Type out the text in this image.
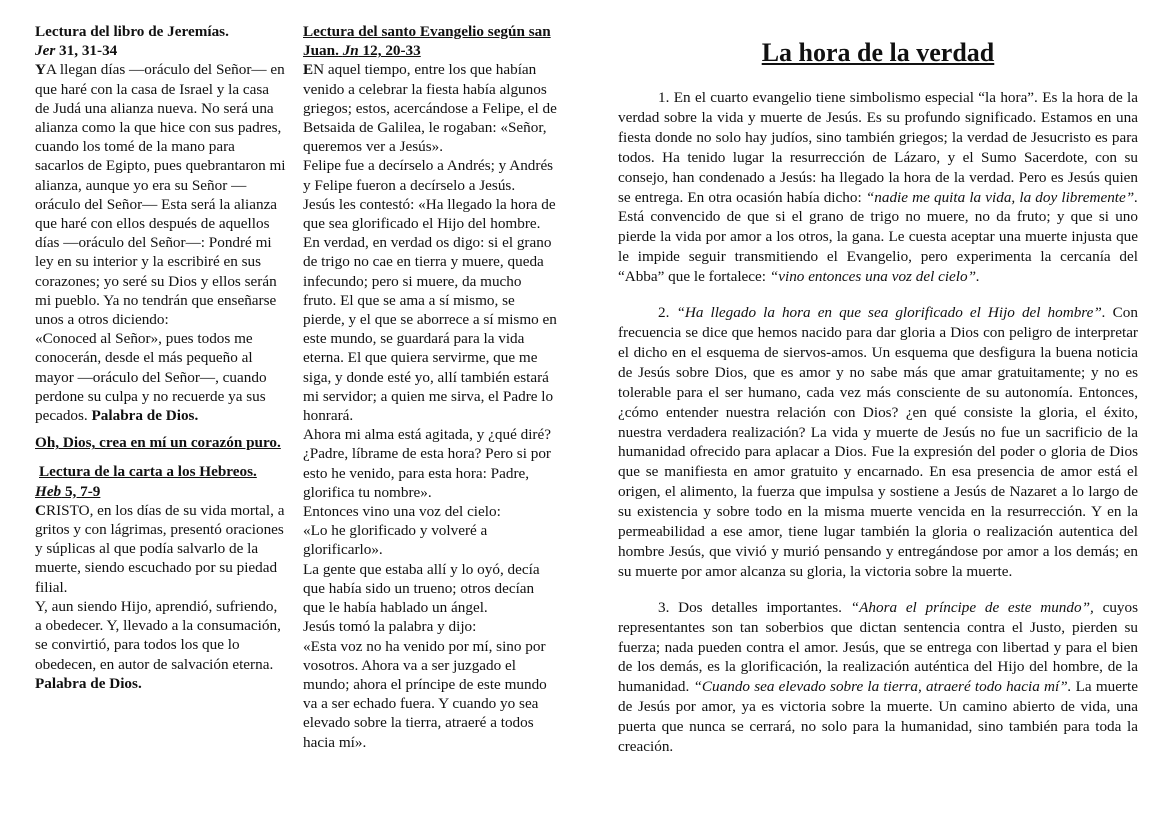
Lectura del libro de Jeremías.
Jer 31, 31-34

YA llegan días —oráculo del Señor— en que haré con la casa de Israel y la casa de Judá una alianza nueva. No será una alianza como la que hice con sus padres, cuando los tomé de la mano para sacarlos de Egipto, pues quebrantaron mi alianza, aunque yo era su Señor —oráculo del Señor— Esta será la alianza que haré con ellos después de aquellos días —oráculo del Señor—: Pondré mi ley en su interior y la escribiré en sus corazones; yo seré su Dios y ellos serán mi pueblo. Ya no tendrán que enseñarse unos a otros diciendo:
«Conoced al Señor», pues todos me conocerán, desde el más pequeño al mayor —oráculo del Señor—, cuando perdone su culpa y no recuerde ya sus pecados. Palabra de Dios.

Oh, Dios, crea en mí un corazón puro.

Lectura de la carta a los Hebreos.
Heb 5, 7-9

CRISTO, en los días de su vida mortal, a gritos y con lágrimas, presentó oraciones y súplicas al que podía salvarlo de la muerte, siendo escuchado por su piedad filial.
Y, aun siendo Hijo, aprendió, sufriendo, a obedecer. Y, llevado a la consumación, se convirtió, para todos los que lo obedecen, en autor de salvación eterna. Palabra de Dios.

Lectura del santo Evangelio según san Juan. Jn 12, 20-33

EN aquel tiempo, entre los que habían venido a celebrar la fiesta había algunos griegos; estos, acercándose a Felipe, el de Betsaida de Galilea, le rogaban: «Señor, queremos ver a Jesús».

Felipe fue a decírselo a Andrés; y Andrés y Felipe fueron a decírselo a Jesús.

Jesús les contestó: «Ha llegado la hora de que sea glorificado el Hijo del hombre. En verdad, en verdad os digo: si el grano de trigo no cae en tierra y muere, queda infecundo; pero si muere, da mucho fruto. El que se ama a sí mismo, se pierde, y el que se aborrece a sí mismo en este mundo, se guardará para la vida eterna. El que quiera servirme, que me siga, y donde esté yo, allí también estará mi servidor; a quien me sirva, el Padre lo honrará.

Ahora mi alma está agitada, y ¿qué diré? ¿Padre, líbrame de esta hora? Pero si por esto he venido, para esta hora: Padre, glorifica tu nombre».

Entonces vino una voz del cielo:

«Lo he glorificado y volveré a glorificarlo».

La gente que estaba allí y lo oyó, decía que había sido un trueno; otros decían que le había hablado un ángel.

Jesús tomó la palabra y dijo:

«Esta voz no ha venido por mí, sino por vosotros. Ahora va a ser juzgado el mundo; ahora el príncipe de este mundo va a ser echado fuera. Y cuando yo sea elevado sobre la tierra, atraeré a todos hacia mí».

La hora de la verdad

1. En el cuarto evangelio tiene simbolismo especial “la hora”. Es la hora de la verdad sobre la vida y muerte de Jesús. Es su profundo significado. Estamos en una fiesta donde no solo hay judíos, sino también griegos; la verdad de Jesucristo es para todos. Ha tenido lugar la resurrección de Lázaro, y el Sumo Sacerdote, con su consejo, han condenado a Jesús: ha llegado la hora de la verdad. Pero es Jesús quien se entrega. En otra ocasión había dicho: “nadie me quita la vida, la doy libremente”. Está convencido de que si el grano de trigo no muere, no da fruto; y que si uno pierde la vida por amor a los otros, la gana. Le cuesta aceptar una muerte injusta que le impide seguir transmitiendo el Evangelio, pero experimenta la cercanía del “Abba” que le fortalece: “vino entonces una voz del cielo”.

2. “Ha llegado la hora en que sea glorificado el Hijo del hombre”. Con frecuencia se dice que hemos nacido para dar gloria a Dios con peligro de interpretar el dicho en el esquema de siervos-amos. Un esquema que desfigura la buena noticia de Jesús sobre Dios, que es amor y no sabe más que amar gratuitamente; y no es tolerable para el ser humano, cada vez más consciente de su autonomía. Entonces, ¿cómo entender nuestra relación con Dios? ¿en qué consiste la gloria, el éxito, nuestra verdadera realización? La vida y muerte de Jesús no fue un sacrificio de la humanidad ofrecido para aplacar a Dios. Fue la expresión del poder o gloria de Dios que se manifiesta en amor gratuito y encarnado. En esa presencia de amor está el origen, el alimento, la fuerza que impulsa y sostiene a Jesús de Nazaret a lo largo de su existencia y sobre todo en la misma muerte vencida en la resurrección. Y en la permeabilidad a ese amor, tiene lugar también la gloria o realización autentica del hombre Jesús, que vivió y murió pensando y entregándose por amor a los demás; en su muerte por amor alcanza su gloria, la victoria sobre la muerte.

3. Dos detalles importantes. “Ahora el príncipe de este mundo”, cuyos representantes son tan soberbios que dictan sentencia contra el Justo, pierden su fuerza; nada pueden contra el amor. Jesús, que se entrega con libertad y para el bien de los demás, es la glorificación, la realización auténtica del Hijo del hombre, de la humanidad. “Cuando sea elevado sobre la tierra, atraeré todo hacia mí”. La muerte de Jesús por amor, ya es victoria sobre la muerte. Un camino abierto de vida, una puerta que nunca se cerrará, no solo para la humanidad, sino también para toda la creación.
